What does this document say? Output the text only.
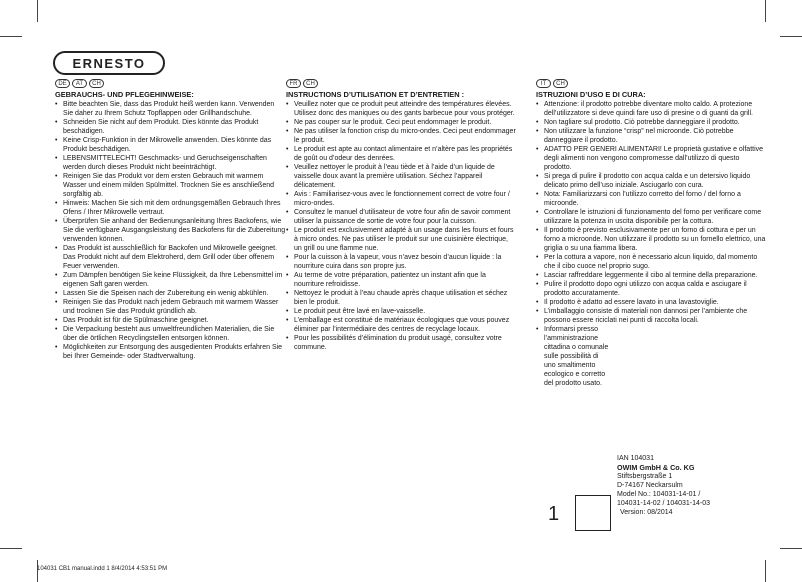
ERNESTO
DE	AT	CH
GEBRAUCHS- UND PFLEGEHINWEISE:
• Bitte beachten Sie, dass das Produkt heiß werden kann. Verwenden Sie daher zu Ihrem Schutz Topflappen oder Grillhandschuhe.
• Schneiden Sie nicht auf dem Produkt. Dies könnte das Produkt beschädigen.
• Keine Crisp-Funktion in der Mikrowelle anwenden. Dies könnte das Produkt beschädigen.
• LEBENSMITTELECHT! Geschmacks- und Geruchseigenschaften werden durch dieses Produkt nicht beeinträchtigt.
• Reinigen Sie das Produkt vor dem ersten Gebrauch mit warmem Wasser und einem milden Spülmittel. Trocknen Sie es anschließend sorgfältig ab.
• Hinweis: Machen Sie sich mit dem ordnungsgemäßen Gebrauch Ihres Ofens / Ihrer Mikrowelle vertraut.
• Überprüfen Sie anhand der Bedienungsanleitung Ihres Backofens, wie Sie die verfügbare Ausgangsleistung des Backofens für die Zubereitung verwenden können.
• Das Produkt ist ausschließlich für Backofen und Mikrowelle geeignet. Das Produkt nicht auf dem Elektroherd, dem Grill oder über offenem Feuer verwenden.
• Zum Dämpfen benötigen Sie keine Flüssigkeit, da Ihre Lebensmittel im eigenen Saft garen werden.
• Lassen Sie die Speisen nach der Zubereitung ein wenig abkühlen.
• Reinigen Sie das Produkt nach jedem Gebrauch mit warmem Wasser und trocknen Sie das Produkt gründlich ab.
• Das Produkt ist für die Spülmaschine geeignet.
• Die Verpackung besteht aus umweltfreundlichen Materialien, die Sie über die örtlichen Recyclingstellen entsorgen können.
• Möglichkeiten zur Entsorgung des ausgedienten Produkts erfahren Sie bei Ihrer Gemeinde- oder Stadtverwaltung.
FR	CH
INSTRUCTIONS D’UTILISATION ET D’ENTRETIEN :
• Veuillez noter que ce produit peut atteindre des températures élevées. Utilisez donc des maniques ou des gants barbecue pour vous protéger.
• Ne pas couper sur le produit. Ceci peut endommager le produit.
• Ne pas utiliser la fonction crisp du micro-ondes. Ceci peut endommager le produit.
• Le produit est apte au contact alimentaire et n’altère pas les propriétés de goût ou d’odeur des denrées.
• Veuillez nettoyer le produit à l’eau tiède et à l’aide d’un liquide de vaisselle doux avant la première utilisation. Séchez l’appareil délicatement.
• Avis : Familiarisez-vous avec le fonctionnement correct de votre four / micro-ondes.
• Consultez le manuel d’utilisateur de votre four afin de savoir comment utiliser la puissance de sortie de votre four pour la cuisson.
• Le produit est exclusivement adapté à un usage dans les fours et fours à micro ondes. Ne pas utiliser le produit sur une cuisinière électrique, un grill ou une flamme nue.
• Pour la cuisson à la vapeur, vous n’avez besoin d’aucun liquide : la nourriture cuira dans son propre jus.
• Au terme de votre préparation, patientez un instant afin que la nourriture refroidisse.
• Nettoyez le produit à l’eau chaude après chaque utilisation et séchez bien le produit.
• Le produit peut être lavé en lave-vaisselle.
• L’emballage est constitué de matériaux écologiques que vous pouvez éliminer par l’intermédiaire des centres de recyclage locaux.
• Pour les possibilités d’élimination du produit usagé, consultez votre commune.
IT	CH
ISTRUZIONI D’USO E DI CURA:
• Attenzione: il prodotto potrebbe diventare molto caldo. A protezione dell’utilizzatore si deve quindi fare uso di presine o di guanti da grill.
• Non tagliare sul prodotto. Ciò potrebbe danneggiare il prodotto.
• Non utilizzare la funzione “crisp” nel microonde. Ciò potrebbe danneggiare il prodotto.
• ADATTO PER GENERI ALIMENTARI! Le proprietà gustative e olfattive degli alimenti non vengono compromesse dall’utilizzo di questo prodotto.
• Si prega di pulire il prodotto con acqua calda e un detersivo liquido delicato primo dell’uso iniziale. Asciugarlo con cura.
• Nota: Familiarizzarsi con l’utilizzo corretto del forno / del forno a microonde.
• Controllare le istruzioni di funzionamento del forno per verificare come utilizzare la potenza in uscita disponibile per la cottura.
• Il prodotto è previsto esclusivamente per un forno di cottura e per un forno a microonde. Non utilizzare il prodotto su un fornello elettrico, una griglia o su una fiamma libera.
• Per la cottura a vapore, non è necessario alcun liquido, dal momento che il cibo cuoce nel proprio sugo.
• Lasciar raffreddare leggermente il cibo al termine della preparazione.
• Pulire il prodotto dopo ogni utilizzo con acqua calda e asciugare il prodotto accuratamente.
• Il prodotto è adatto ad essere lavato in una lavastoviglie.
• L’imballaggio consiste di materiali non dannosi per l’ambiente che possono essere riciclati nei punti di raccolta locali.
• Informarsi presso l’amministrazione cittadina o comunale sulle possibilità di uno smaltimento ecologico e corretto del prodotto usato.
IAN 104031
OWIM GmbH & Co. KG
Stiftsbergstraße 1
D-74167 Neckarsulm
Model No.: 104031-14-01 /
104031-14-02 / 104031-14-03
Version: 08/2014
1
104031 CB1 manual.indd 1 8/4/2014 4:53:51 PM
